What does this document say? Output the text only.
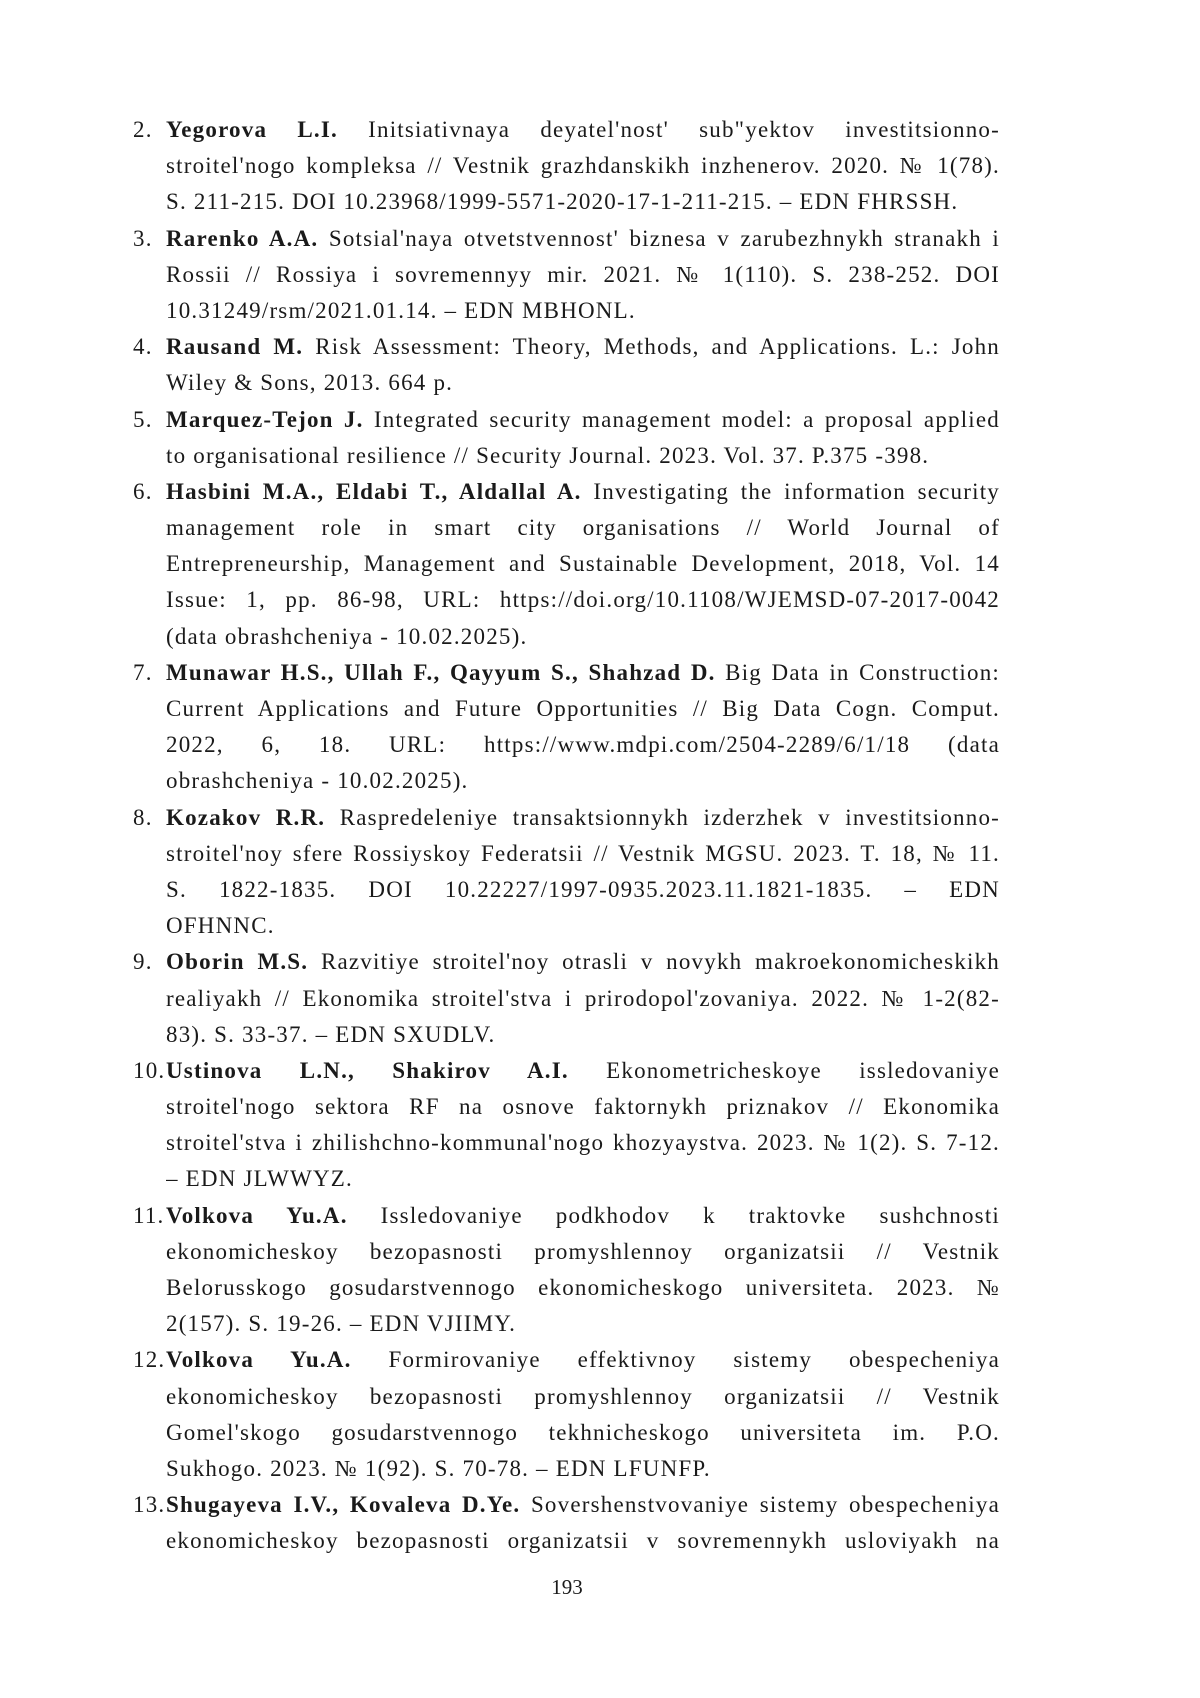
2. Yegorova L.I. Initsiativnaya deyatel'nost' sub"yektov investitsionno-
stroitel'nogo kompleksa // Vestnik grazhdanskikh inzhenerov. 2020. № 1(78).
S. 211-215. DOI 10.23968/1999-5571-2020-17-1-211-215. – EDN FHRSSH.
3. Rarenko A.A. Sotsial'naya otvetstvennost' biznesa v zarubezhnykh stranakh i
Rossii // Rossiya i sovremennyy mir. 2021. № 1(110). S. 238-252. DOI
10.31249/rsm/2021.01.14. – EDN MBHONL.
4. Rausand M. Risk Assessment: Theory, Methods, and Applications. L.: John
Wiley & Sons, 2013. 664 p.
5. Marquez-Tejon J. Integrated security management model: a proposal applied
to organisational resilience // Security Journal. 2023. Vol. 37. P.375 -398.
6. Hasbini M.A., Eldabi T., Aldallal A. Investigating the information security
management role in smart city organisations // World Journal of
Entrepreneurship, Management and Sustainable Development, 2018, Vol. 14
Issue: 1, pp. 86-98, URL: https://doi.org/10.1108/WJEMSD-07-2017-0042
(data obrashcheniya - 10.02.2025).
7. Munawar H.S., Ullah F., Qayyum S., Shahzad D. Big Data in Construction:
Current Applications and Future Opportunities // Big Data Cogn. Comput.
2022, 6, 18. URL: https://www.mdpi.com/2504-2289/6/1/18 (data
obrashcheniya - 10.02.2025).
8. Kozakov R.R. Raspredeleniye transaktsionnykh izderzhek v investitsionno-
stroitel'noy sfere Rossiyskoy Federatsii // Vestnik MGSU. 2023. T. 18, № 11.
S. 1822-1835. DOI 10.22227/1997-0935.2023.11.1821-1835. – EDN
OFHNNC.
9. Oborin M.S. Razvitiye stroitel'noy otrasli v novykh makroekonomicheskikh
realiyakh // Ekonomika stroitel'stva i prirodopol'zovaniya. 2022. № 1-2(82-
83). S. 33-37. – EDN SXUDLV.
10. Ustinova L.N., Shakirov A.I. Ekonometricheskoye issledovaniye
stroitel'nogo sektora RF na osnove faktornykh priznakov // Ekonomika
stroitel'stva i zhilishchno-kommunal'nogo khozyaystva. 2023. № 1(2). S. 7-12.
– EDN JLWWYZ.
11. Volkova Yu.A. Issledovaniye podkhodov k traktovke sushchnosti
ekonomicheskoy bezopasnosti promyshlennoy organizatsii // Vestnik
Belorusskogo gosudarstvennogo ekonomicheskogo universiteta. 2023. №
2(157). S. 19-26. – EDN VJIIMY.
12. Volkova Yu.A. Formirovaniye effektivnoy sistemy obespecheniya
ekonomicheskoy bezopasnosti promyshlennoy organizatsii // Vestnik
Gomel'skogo gosudarstvennogo tekhnicheskogo universiteta im. P.O.
Sukhogo. 2023. № 1(92). S. 70-78. – EDN LFUNFP.
13. Shugayeva I.V., Kovaleva D.Ye. Sovershenstvovaniye sistemy obespecheniya
ekonomicheskoy bezopasnosti organizatsii v sovremennykh usloviyakh na
193
